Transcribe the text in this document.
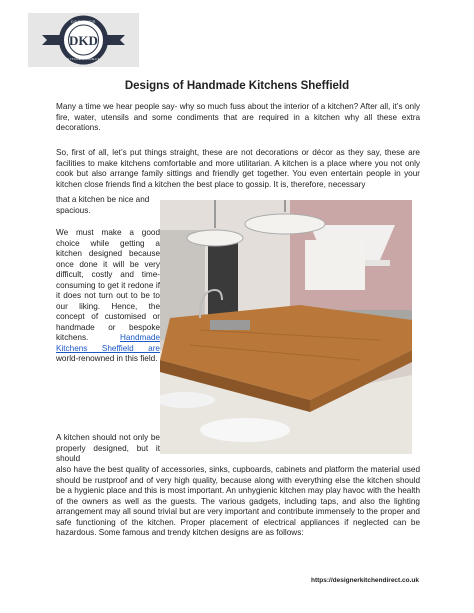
DKD
DESIGNER
KITCHEN DIRECT
Designs of Handmade Kitchens Sheffield

Many a time we hear people say- why so much fuss about the interior of a kitchen? After all, it’s only fire, water, utensils and some condiments that are required in a kitchen why all these extra decorations.

So, first of all, let’s put things straight, these are not decorations or décor as they say, these are facilities to make kitchens comfortable and more utilitarian. A kitchen is a place where you not only cook but also arrange family sittings and friendly get together. You even entertain people in your kitchen close friends find a kitchen the best place to gossip. It is, therefore, necessary

that a kitchen be nice and spacious.

We must make a good choice while getting a kitchen designed because once done it will be very difficult, costly and time-consuming to get it redone if it does not turn out to be to our liking. Hence, the concept of customised or handmade or bespoke kitchens.	Handmade Kitchens Sheffield are world-renowned in this field.

A kitchen should not only be properly designed, but it should

also have the best quality of accessories, sinks, cupboards, cabinets and platform the material used should be rustproof and of very high quality, because along with everything else the kitchen should be a hygienic place and this is most important. An unhygienic kitchen may play havoc with the health of the owners as well as the guests. The various gadgets, including taps, and also the lighting arrangement may all sound trivial but are very important and contribute immensely to the proper and safe functioning of the kitchen. Proper placement of electrical appliances if neglected can be hazardous. Some famous and trendy kitchen designs are as follows:

https://designerkitchendirect.co.uk
